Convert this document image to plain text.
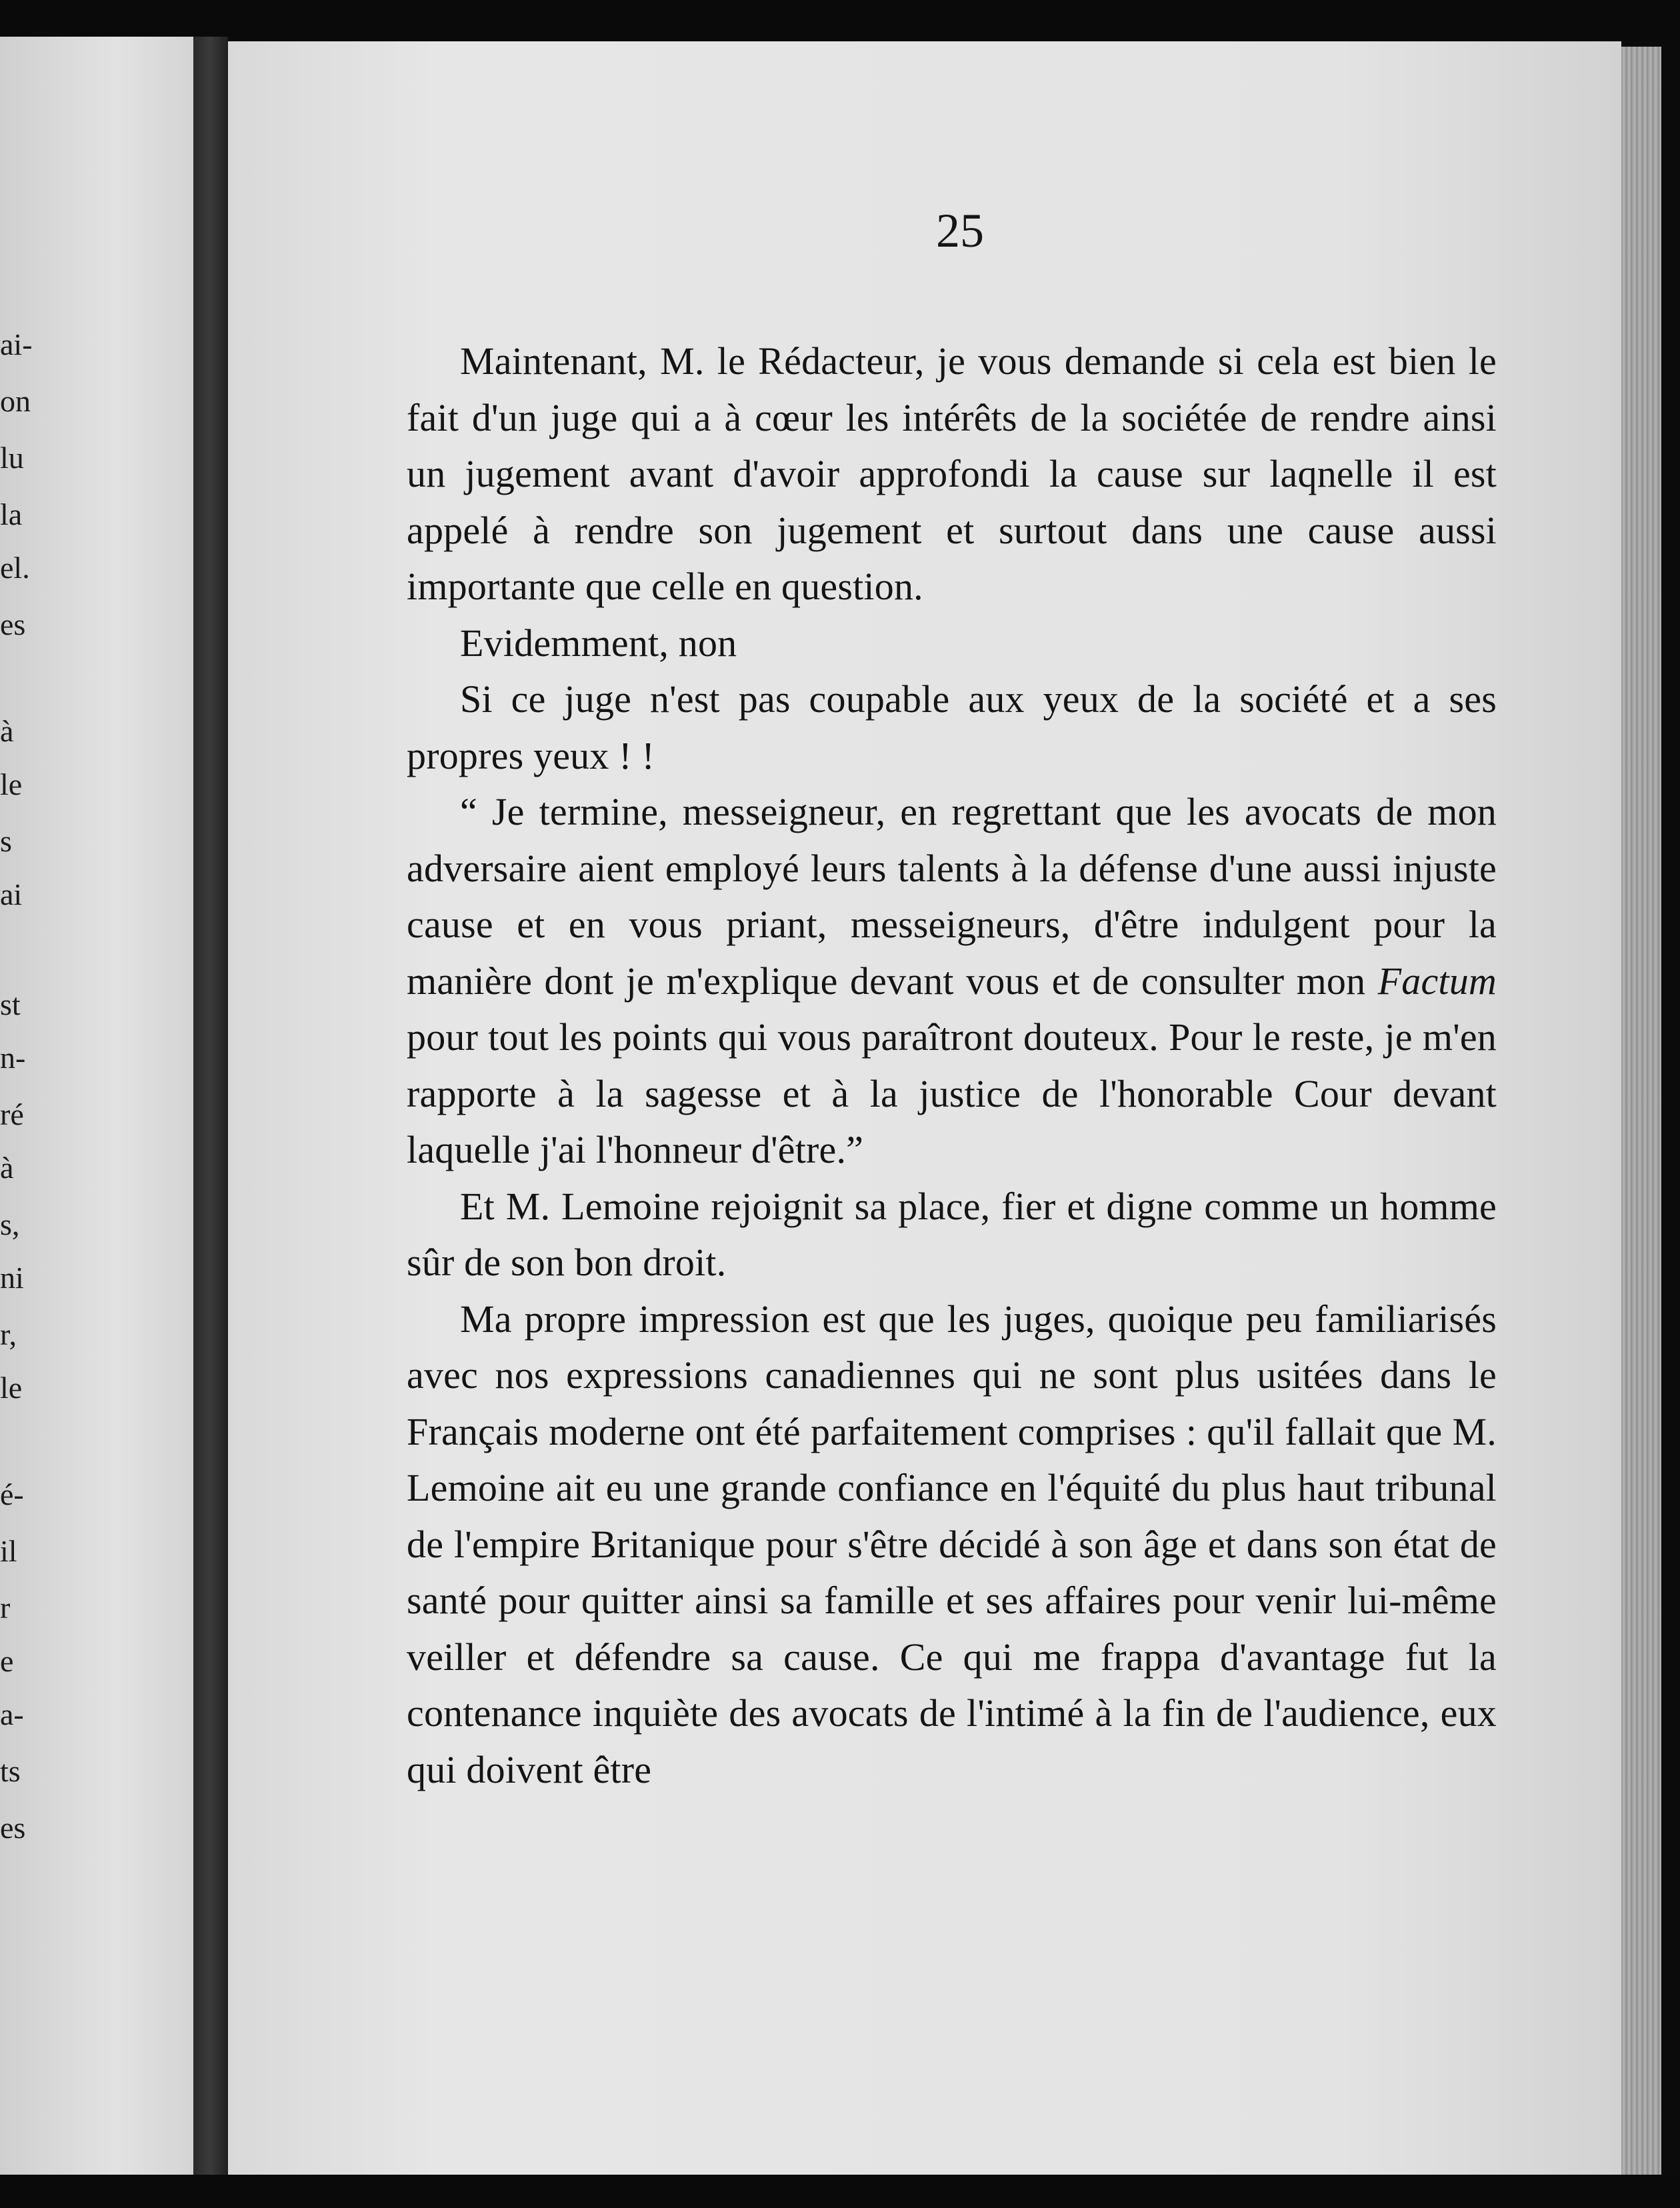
ai-
on
lu
la
el.
es
à
le
s
ai
st
n-
ré
à
s,
ni
r,
le
é-
il
r
e
a-
ts
es
25

Maintenant, M. le Rédacteur, je vous demande si cela est bien le fait d'un juge qui a à cœur les intérêts de la sociétée de rendre ainsi un jugement avant d'avoir approfondi la cause sur laqnelle il est appelé à rendre son jugement et surtout dans une cause aussi importante que celle en question.

Evidemment, non

Si ce juge n'est pas coupable aux yeux de la société et a ses propres yeux ! !

“ Je termine, messeigneur, en regrettant que les avocats de mon adversaire aient employé leurs talents à la défense d'une aussi injuste cause et en vous priant, messeigneurs, d'être indulgent pour la manière dont je m'explique devant vous et de consulter mon Factum pour tout les points qui vous paraîtront douteux. Pour le reste, je m'en rapporte à la sagesse et à la justice de l'honorable Cour devant laquelle j'ai l'honneur d'être.”

Et M. Lemoine rejoignit sa place, fier et digne comme un homme sûr de son bon droit.

Ma propre impression est que les juges, quoique peu familiarisés avec nos expressions canadiennes qui ne sont plus usitées dans le Français moderne ont été parfaitement comprises : qu'il fallait que M. Lemoine ait eu une grande confiance en l'équité du plus haut tribunal de l'empire Britanique pour s'être décidé à son âge et dans son état de santé pour quitter ainsi sa famille et ses affaires pour venir lui-même veiller et défendre sa cause. Ce qui me frappa d'avantage fut la contenance inquiète des avocats de l'intimé à la fin de l'audience, eux qui doivent être
